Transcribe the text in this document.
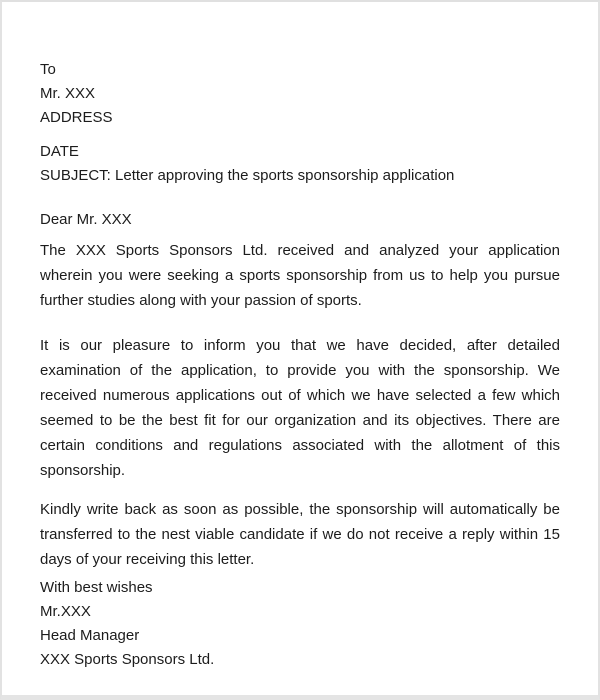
To
Mr. XXX
ADDRESS
DATE
SUBJECT: Letter approving the sports sponsorship application
Dear Mr. XXX

The XXX Sports Sponsors Ltd. received and analyzed your application wherein you were seeking a sports sponsorship from us to help you pursue further studies along with your passion of sports.

It is our pleasure to inform you that we have decided, after detailed examination of the application, to provide you with the sponsorship. We received numerous applications out of which we have selected a few which seemed to be the best fit for our organization and its objectives. There are certain conditions and regulations associated with the allotment of this sponsorship.

Kindly write back as soon as possible, the sponsorship will automatically be transferred to the nest viable candidate if we do not receive a reply within 15 days of your receiving this letter.

With best wishes
Mr.XXX
Head Manager
XXX Sports Sponsors Ltd.
